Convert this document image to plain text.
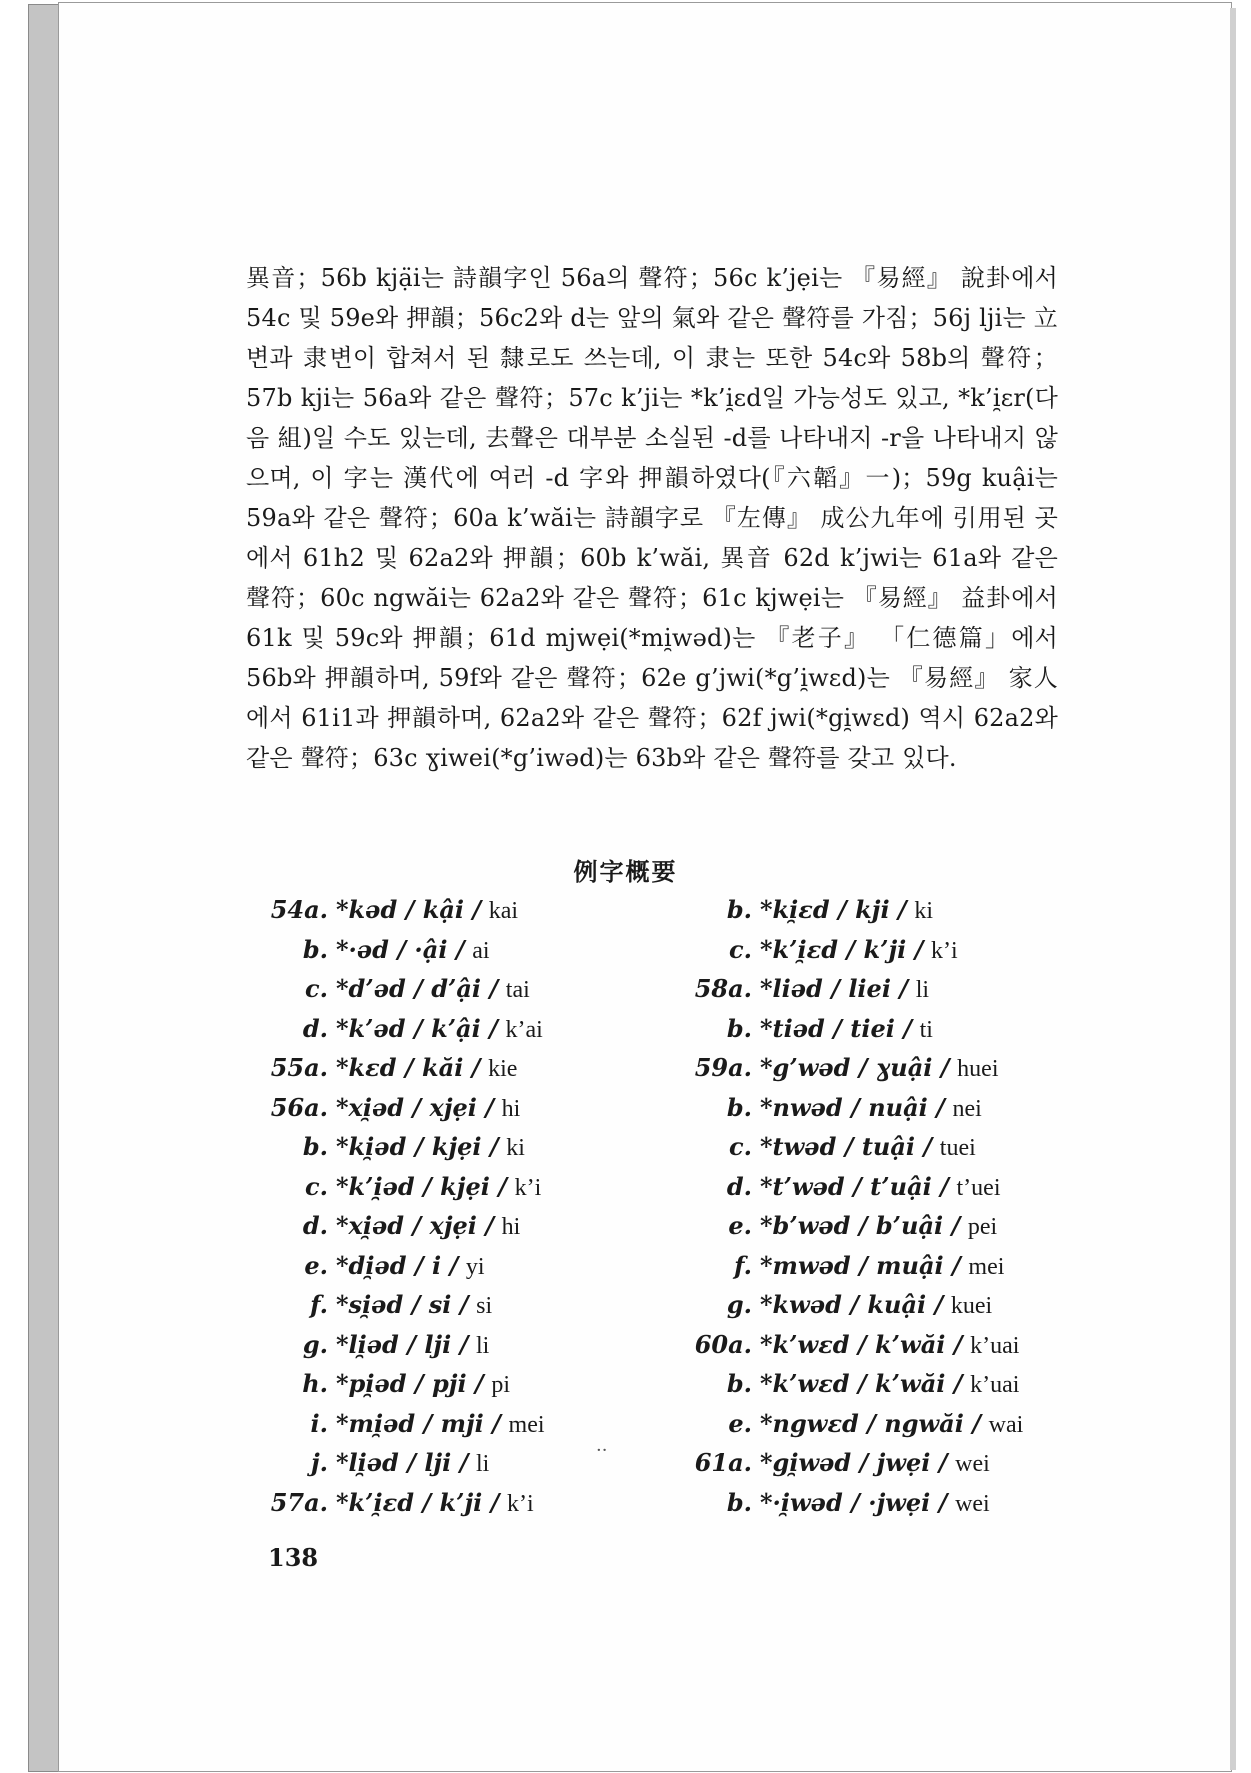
異音；56b kjạ̈i는 詩韻字인 56a의 聲符；56c k’jẹi는 『易經』 說卦에서 54c 및 59e와 押韻；56c2와 d는 앞의 氣와 같은 聲符를 가짐；56j lji는 立변과 隶변이 합쳐서 된 隸로도 쓰는데, 이 隶는 또한 54c와 58b의 聲符；57b kji는 56a와 같은 聲符；57c k’ji는 *k’i̯ɛd일 가능성도 있고, *k’i̯ɛr(다음 組)일 수도 있는데, 去聲은 대부분 소실된 -d를 나타내지 -r을 나타내지 않으며, 이 字는 漢代에 여러 -d 字와 押韻하였다(『六韜』一)；59g kuậi는 59a와 같은 聲符；60a k’wăi는 詩韻字로 『左傳』 成公九年에 引用된 곳에서 61h2 및 62a2와 押韻；60b k’wăi, 異音 62d k’jwi는 61a와 같은 聲符；60c ngwăi는 62a2와 같은 聲符；61c kjwẹi는 『易經』 益卦에서 61k 및 59c와 押韻；61d mjwẹi(*mi̯wəd)는 『老子』 「仁德篇」에서 56b와 押韻하며, 59f와 같은 聲符；62e g’jwi(*g’i̯wɛd)는 『易經』 家人에서 61i1과 押韻하며, 62a2와 같은 聲符；62f jwi(*gi̯wɛd) 역시 62a2와 같은 聲符；63c ɣiwei(*g’iwəd)는 63b와 같은 聲符를 갖고 있다.

例字概要
54a. *kəd / kậi / kai
b. *·əd / ·ậi / ai
c. *d’əd / d’ậi / tai
d. *k’əd / k’ậi / k’ai
55a. *kɛd / kăi / kie
56a. *xi̯əd / xjẹi / hi
b. *ki̯əd / kjẹi / ki
c. *k’i̯əd / kjẹi / k’i
d. *xi̯əd / xjẹi / hi
e. *di̯əd / i / yi
f. *si̯əd / si / si
g. *li̯əd / lji / li
h. *pi̯əd / pji / pi
i. *mi̯əd / mji / mei
j. *li̯əd / lji / li
57a. *k’i̯ɛd / k’ji / k’i
b. *ki̯ɛd / kji / ki
c. *k’i̯ɛd / k’ji / k’i
58a. *liəd / liei / li
b. *tiəd / tiei / ti
59a. *g’wəd / ɣuậi / huei
b. *nwəd / nuậi / nei
c. *twəd / tuậi / tuei
d. *t’wəd / t’uậi / t’uei
e. *b’wəd / b’uậi / pei
f. *mwəd / muậi / mei
g. *kwəd / kuậi / kuei
60a. *k’wɛd / k’wăi / k’uai
b. *k’wɛd / k’wăi / k’uai
e. *ngwɛd / ngwăi / wai
61a. *gi̯wəd / jwẹi / wei
b. *·i̯wəd / ·jwẹi / wei
··

138
